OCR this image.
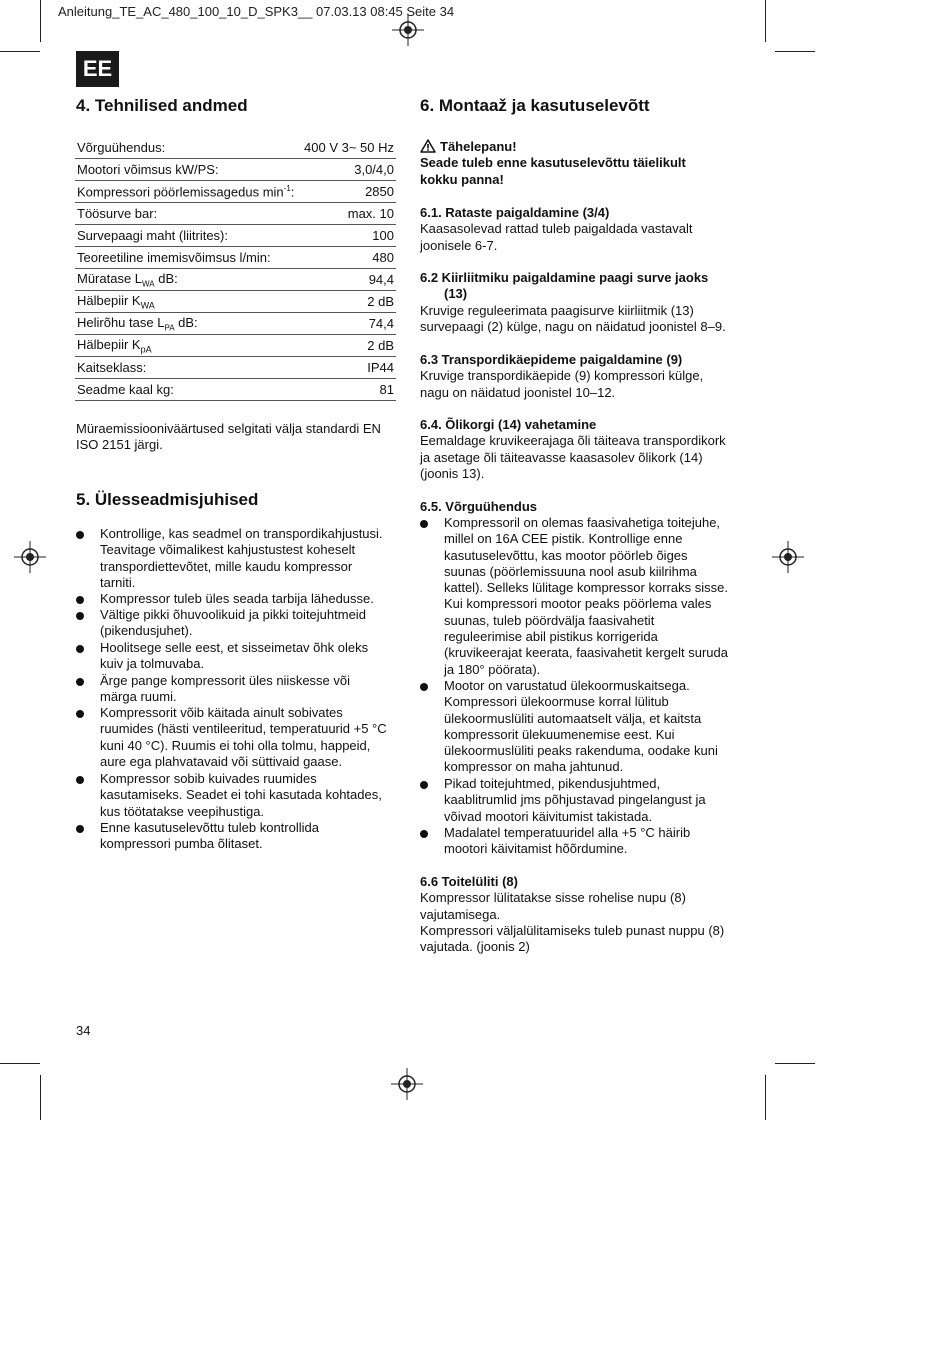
Anleitung_TE_AC_480_100_10_D_SPK3__ 07.03.13 08:45 Seite 34
EE
4. Tehnilised andmed
Võrguühendus:	400 V 3~ 50 Hz
Mootori võimsus kW/PS:	3,0/4,0
Kompressori pöörlemissagedus $\min^{-1}$:	2850
Töösurve bar:	max. 10
Survepaagi maht (liitrites):	100
Teoreetiline imemisvõimsus l/min:	480
Müratase $L_{WA}$ dB:	94,4
Hälbepiir $K_{WA}$	2 dB
Helirõhu tase $L_{PA}$ dB:	74,4
Hälbepiir $K_{pA}$	2 dB
Kaitseklass:	IP44
Seadme kaal kg:	81
Müraemissiooniväärtused selgitati välja standardi EN
ISO 2151 järgi.
5. Ülesseadmisjuhised
Kontrollige, kas seadmel on transpordikahjustusi.
Teavitage võimalikest kahjustustest koheselt
transpordiettevõtet, mille kaudu kompressor
tarniti.
Kompressor tuleb üles seada tarbija lähedusse.
Vältige pikki õhuvoolikuid ja pikki toitejuhtmeid
(pikendusjuhet).
Hoolitsege selle eest, et sisseimetav õhk oleks
kuiv ja tolmuvaba.
Ärge pange kompressorit üles niiskesse või
märga ruumi.
Kompressorit võib käitada ainult sobivates
ruumides (hästi ventileeritud, temperatuurid +5 °C
kuni 40 °C). Ruumis ei tohi olla tolmu, happeid,
aure ega plahvatavaid või süttivaid gaase.
Kompressor sobib kuivades ruumides
kasutamiseks. Seadet ei tohi kasutada kohtades,
kus töötatakse veepihustiga.
Enne kasutuselevõttu tuleb kontrollida
kompressori pumba õlitaset.
6. Montaaž ja kasutuselevõtt
Tähelepanu!
Seade tuleb enne kasutuselevõttu täielikult
kokku panna!
6.1. Rataste paigaldamine (3/4)
Kaasasolevad rattad tuleb paigaldada vastavalt
joonisele 6-7.
6.2 Kiirliitmiku paigaldamine paagi surve jaoks
(13)
Kruvige reguleerimata paagisurve kiirliitmik (13)
survepaagi (2) külge, nagu on näidatud joonistel 8–9.
6.3 Transpordikäepideme paigaldamine (9)
Kruvige transpordikäepide (9) kompressori külge,
nagu on näidatud joonistel 10–12.
6.4. Õlikorgi (14) vahetamine
Eemaldage kruvikeerajaga õli täiteava transpordikork
ja asetage õli täiteavasse kaasasolev õlikork (14)
(joonis 13).
6.5. Võrguühendus
Kompressoril on olemas faasivahetiga toitejuhe,
millel on 16A CEE pistik. Kontrollige enne
kasutuselevõttu, kas mootor pöörleb õiges
suunas (pöörlemissuuna nool asub kiilrihma
kattel). Selleks lülitage kompressor korraks sisse.
Kui kompressori mootor peaks pöörlema vales
suunas, tuleb pöördvälja faasivahetit
reguleerimise abil pistikus korrigerida
(kruvikeerajat keerata, faasivahetit kergelt suruda
ja 180° pöörata).
Mootor on varustatud ülekoormuskaitsega.
Kompressori ülekoormuse korral lülitub
ülekoormuslüliti automaatselt välja, et kaitsta
kompressorit ülekuumenemise eest. Kui
ülekoormuslüliti peaks rakenduma, oodake kuni
kompressor on maha jahtunud.
Pikad toitejuhtmed, pikendusjuhtmed,
kaablitrumlid jms põhjustavad pingelangust ja
võivad mootori käivitumist takistada.
Madalatel temperatuuridel alla +5 °C häirib
mootori käivitamist hõõrdumine.
6.6 Toitelüliti (8)
Kompressor lülitatakse sisse rohelise nupu (8)
vajutamisega.
Kompressori väljalülitamiseks tuleb punast nuppu (8)
vajutada. (joonis 2)
34
